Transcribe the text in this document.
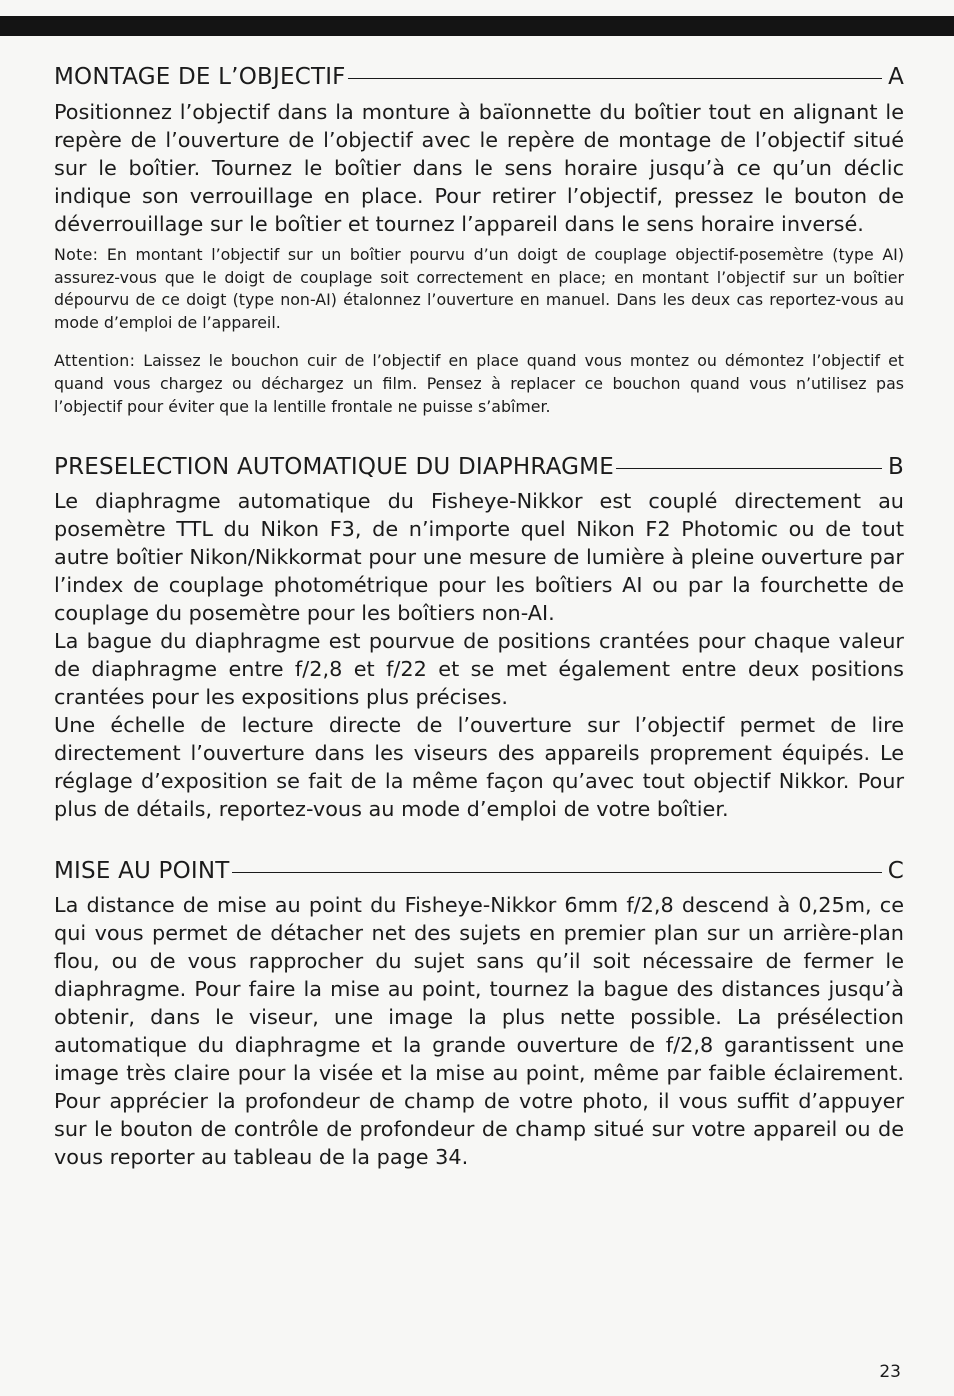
MONTAGE DE L’OBJECTIF	A

Positionnez l’objectif dans la monture à baïonnette du boîtier tout en alignant le repère de l’ouverture de l’objectif avec le repère de montage de l’objectif situé sur le boîtier. Tournez le boîtier dans le sens horaire jusqu’à ce qu’un déclic indique son verrouillage en place. Pour retirer l’objectif, pressez le bouton de déverrouillage sur le boîtier et tournez l’appareil dans le sens horaire inversé.

Note: En montant l’objectif sur un boîtier pourvu d’un doigt de couplage objectif-posemètre (type AI) assurez-vous que le doigt de couplage soit correctement en place; en montant l’objectif sur un boîtier dépourvu de ce doigt (type non-AI) étalonnez l’ouverture en manuel. Dans les deux cas reportez-vous au mode d’emploi de l’appareil.

Attention: Laissez le bouchon cuir de l’objectif en place quand vous montez ou démontez l’objectif et quand vous chargez ou déchargez un film. Pensez à replacer ce bouchon quand vous n’utilisez pas l’objectif pour éviter que la lentille frontale ne puisse s’abîmer.

PRESELECTION AUTOMATIQUE DU DIAPHRAGME	B

Le diaphragme automatique du Fisheye-Nikkor est couplé directement au posemètre TTL du Nikon F3, de n’importe quel Nikon F2 Photomic ou de tout autre boîtier Nikon/Nikkormat pour une mesure de lumière à pleine ouverture par l’index de couplage photométrique pour les boîtiers AI ou par la fourchette de couplage du posemètre pour les boîtiers non-AI.

La bague du diaphragme est pourvue de positions crantées pour chaque valeur de diaphragme entre f/2,8 et f/22 et se met également entre deux positions crantées pour les expositions plus précises.

Une échelle de lecture directe de l’ouverture sur l’objectif permet de lire directement l’ouverture dans les viseurs des appareils proprement équipés. Le réglage d’exposition se fait de la même façon qu’avec tout objectif Nikkor. Pour plus de détails, reportez-vous au mode d’emploi de votre boîtier.

MISE AU POINT	C

La distance de mise au point du Fisheye-Nikkor 6mm f/2,8 descend à 0,25m, ce qui vous permet de détacher net des sujets en premier plan sur un arrière-plan flou, ou de vous rapprocher du sujet sans qu’il soit nécessaire de fermer le diaphragme. Pour faire la mise au point, tournez la bague des distances jusqu’à obtenir, dans le viseur, une image la plus nette possible. La présélection automatique du diaphragme et la grande ouverture de f/2,8 garantissent une image très claire pour la visée et la mise au point, même par faible éclairement. Pour apprécier la profondeur de champ de votre photo, il vous suffit d’appuyer sur le bouton de contrôle de profondeur de champ situé sur votre appareil ou de vous reporter au tableau de la page 34.

23
